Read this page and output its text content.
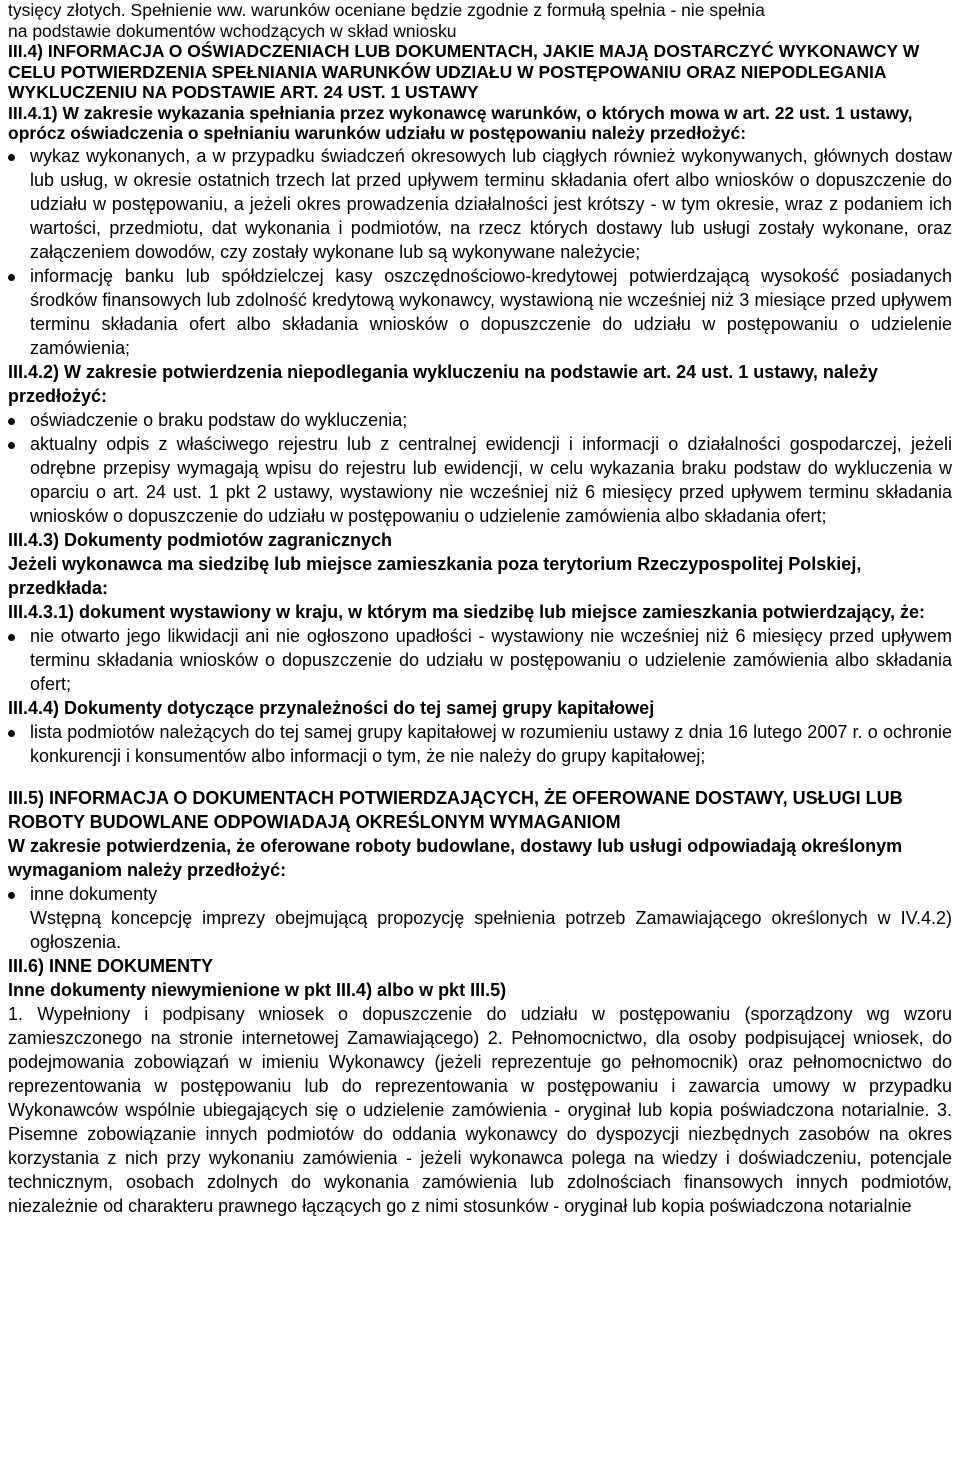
tysięcy złotych. Spełnienie ww. warunków oceniane będzie zgodnie z formułą spełnia - nie spełnia

na podstawie dokumentów wchodzących w skład wniosku

III.4) INFORMACJA O OŚWIADCZENIACH LUB DOKUMENTACH, JAKIE MAJĄ DOSTARCZYĆ WYKONAWCY W CELU POTWIERDZENIA SPEŁNIANIA WARUNKÓW UDZIAŁU W POSTĘPOWANIU ORAZ NIEPODLEGANIA WYKLUCZENIU NA PODSTAWIE ART. 24 UST. 1 USTAWY

III.4.1) W zakresie wykazania spełniania przez wykonawcę warunków, o których mowa w art. 22 ust. 1 ustawy, oprócz oświadczenia o spełnianiu warunków udziału w postępowaniu należy przedłożyć:

wykaz wykonanych, a w przypadku świadczeń okresowych lub ciągłych również wykonywanych, głównych dostaw lub usług, w okresie ostatnich trzech lat przed upływem terminu składania ofert albo wniosków o dopuszczenie do udziału w postępowaniu, a jeżeli okres prowadzenia działalności jest krótszy - w tym okresie, wraz z podaniem ich wartości, przedmiotu, dat wykonania i podmiotów, na rzecz których dostawy lub usługi zostały wykonane, oraz załączeniem dowodów, czy zostały wykonane lub są wykonywane należycie;
informację banku lub spółdzielczej kasy oszczędnościowo-kredytowej potwierdzającą wysokość posiadanych środków finansowych lub zdolność kredytową wykonawcy, wystawioną nie wcześniej niż 3 miesiące przed upływem terminu składania ofert albo składania wniosków o dopuszczenie do udziału w postępowaniu o udzielenie zamówienia;

III.4.2) W zakresie potwierdzenia niepodlegania wykluczeniu na podstawie art. 24 ust. 1 ustawy, należy przedłożyć:

oświadczenie o braku podstaw do wykluczenia;
aktualny odpis z właściwego rejestru lub z centralnej ewidencji i informacji o działalności gospodarczej, jeżeli odrębne przepisy wymagają wpisu do rejestru lub ewidencji, w celu wykazania braku podstaw do wykluczenia w oparciu o art. 24 ust. 1 pkt 2 ustawy, wystawiony nie wcześniej niż 6 miesięcy przed upływem terminu składania wniosków o dopuszczenie do udziału w postępowaniu o udzielenie zamówienia albo składania ofert;

III.4.3) Dokumenty podmiotów zagranicznych

Jeżeli wykonawca ma siedzibę lub miejsce zamieszkania poza terytorium Rzeczypospolitej Polskiej, przedkłada:

III.4.3.1) dokument wystawiony w kraju, w którym ma siedzibę lub miejsce zamieszkania potwierdzający, że:

nie otwarto jego likwidacji ani nie ogłoszono upadłości - wystawiony nie wcześniej niż 6 miesięcy przed upływem terminu składania wniosków o dopuszczenie do udziału w postępowaniu o udzielenie zamówienia albo składania ofert;

III.4.4) Dokumenty dotyczące przynależności do tej samej grupy kapitałowej

lista podmiotów należących do tej samej grupy kapitałowej w rozumieniu ustawy z dnia 16 lutego 2007 r. o ochronie konkurencji i konsumentów albo informacji o tym, że nie należy do grupy kapitałowej;

III.5) INFORMACJA O DOKUMENTACH POTWIERDZAJĄCYCH, ŻE OFEROWANE DOSTAWY, USŁUGI LUB ROBOTY BUDOWLANE ODPOWIADAJĄ OKREŚLONYM WYMAGANIOM

W zakresie potwierdzenia, że oferowane roboty budowlane, dostawy lub usługi odpowiadają określonym wymaganiom należy przedłożyć:

inne dokumenty

Wstępną koncepcję imprezy obejmującą propozycję spełnienia potrzeb Zamawiającego określonych w IV.4.2) ogłoszenia.

III.6) INNE DOKUMENTY

Inne dokumenty niewymienione w pkt III.4) albo w pkt III.5)

1. Wypełniony i podpisany wniosek o dopuszczenie do udziału w postępowaniu (sporządzony wg wzoru zamieszczonego na stronie internetowej Zamawiającego) 2. Pełnomocnictwo, dla osoby podpisującej wniosek, do podejmowania zobowiązań w imieniu Wykonawcy (jeżeli reprezentuje go pełnomocnik) oraz pełnomocnictwo do reprezentowania w postępowaniu lub do reprezentowania w postępowaniu i zawarcia umowy w przypadku Wykonawców wspólnie ubiegających się o udzielenie zamówienia - oryginał lub kopia poświadczona notarialnie. 3. Pisemne zobowiązanie innych podmiotów do oddania wykonawcy do dyspozycji niezbędnych zasobów na okres korzystania z nich przy wykonaniu zamówienia - jeżeli wykonawca polega na wiedzy i doświadczeniu, potencjale technicznym, osobach zdolnych do wykonania zamówienia lub zdolnościach finansowych innych podmiotów, niezależnie od charakteru prawnego łączących go z nimi stosunków - oryginał lub kopia poświadczona notarialnie
